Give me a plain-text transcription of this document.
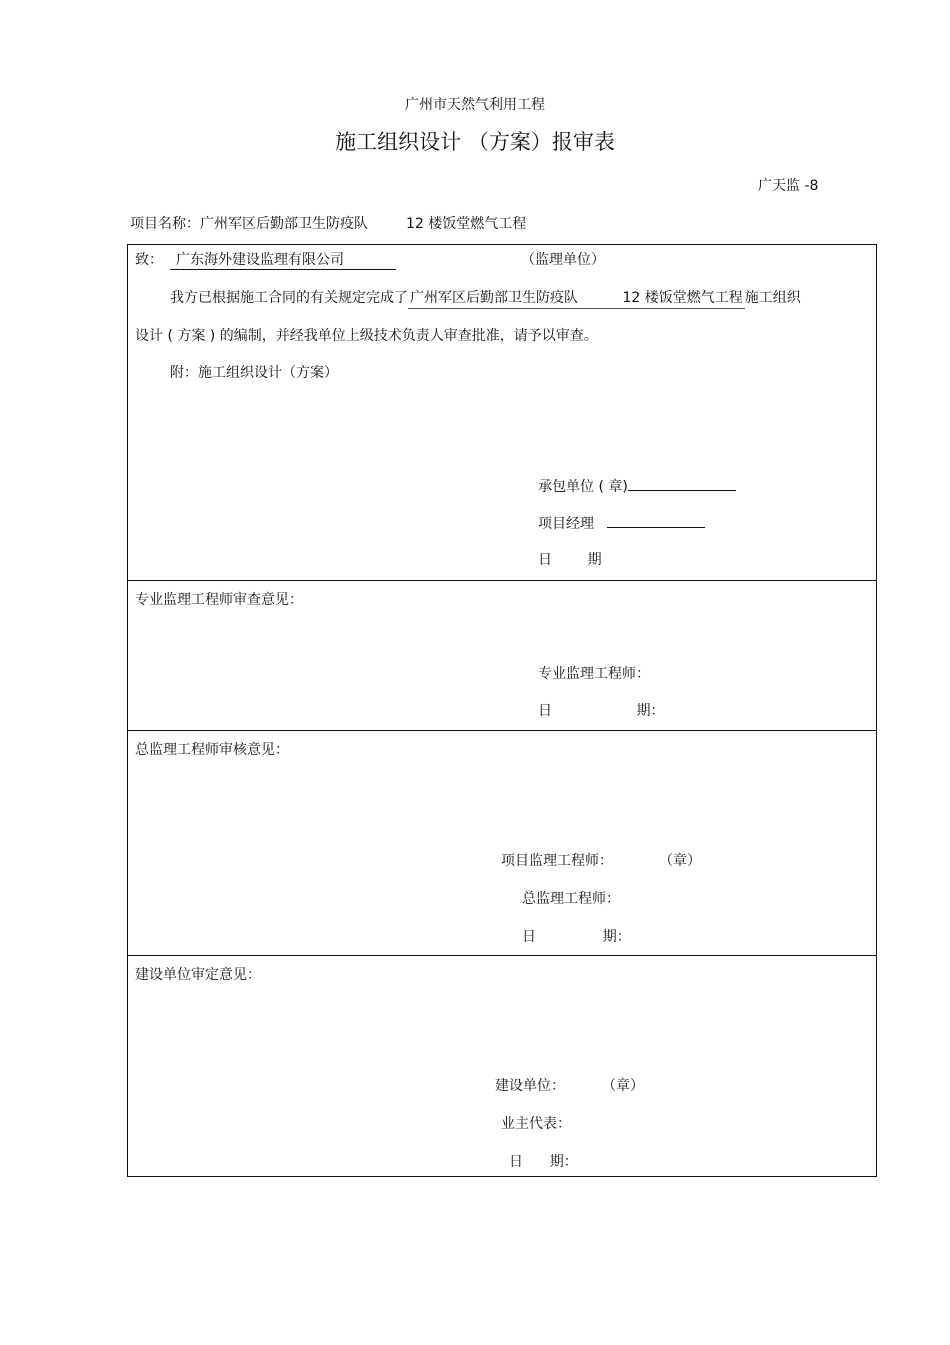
广州市天然气利用工程
施工组织设计 （方案）报审表
广天监 -8
项目名称：广州军区后勤部卫生防疫队	12 楼饭堂燃气工程
致： 广东海外建设监理有限公司	（监理单位）
我方已根据施工合同的有关规定完成了 广州军区后勤部卫生防疫队          12 楼饭堂燃气工程 施工组织
设计 ( 方案 ) 的编制，并经我单位上级技术负责人审查批准，请予以审查。
附：施工组织设计（方案）
承包单位 ( 章)
项目经理
日        期
专业监理工程师审查意见：
专业监理工程师：
日                   期：
总监理工程师审核意见：
项目监理工程师：	（章）
总监理工程师：
日               期：
建设单位审定意见：
建设单位：	（章）
业主代表：
日      期：
